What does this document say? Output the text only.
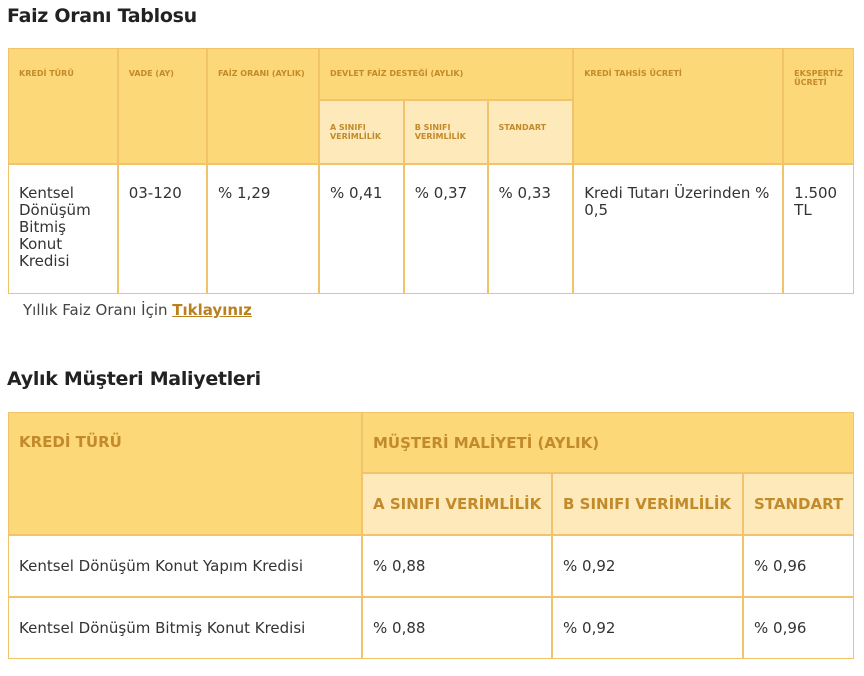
Faiz Oranı Tablosu
KREDİ TÜRÜ	VADE (AY)	FAİZ ORANI (AYLIK)	DEVLET FAİZ DESTEĞİ (AYLIK)			KREDİ TAHSİS ÜCRETİ	EKSPERTİZ ÜCRETİ
			A SINIFI VERİMLİLİK	B SINIFI VERİMLİLİK	STANDART		
Kentsel Dönüşüm Bitmiş Konut Kredisi	03-120	% 1,29	% 0,41	% 0,37	% 0,33	Kredi Tutarı Üzerinden % 0,5	1.500 TL
Yıllık Faiz Oranı İçin Tıklayınız
Aylık Müşteri Maliyetleri
KREDİ TÜRÜ	MÜŞTERİ MALİYETİ (AYLIK)		
	A SINIFI VERİMLİLİK	B SINIFI VERİMLİLİK	STANDART
Kentsel Dönüşüm Konut Yapım Kredisi	% 0,88	% 0,92	% 0,96
Kentsel Dönüşüm Bitmiş Konut Kredisi	% 0,88	% 0,92	% 0,96
